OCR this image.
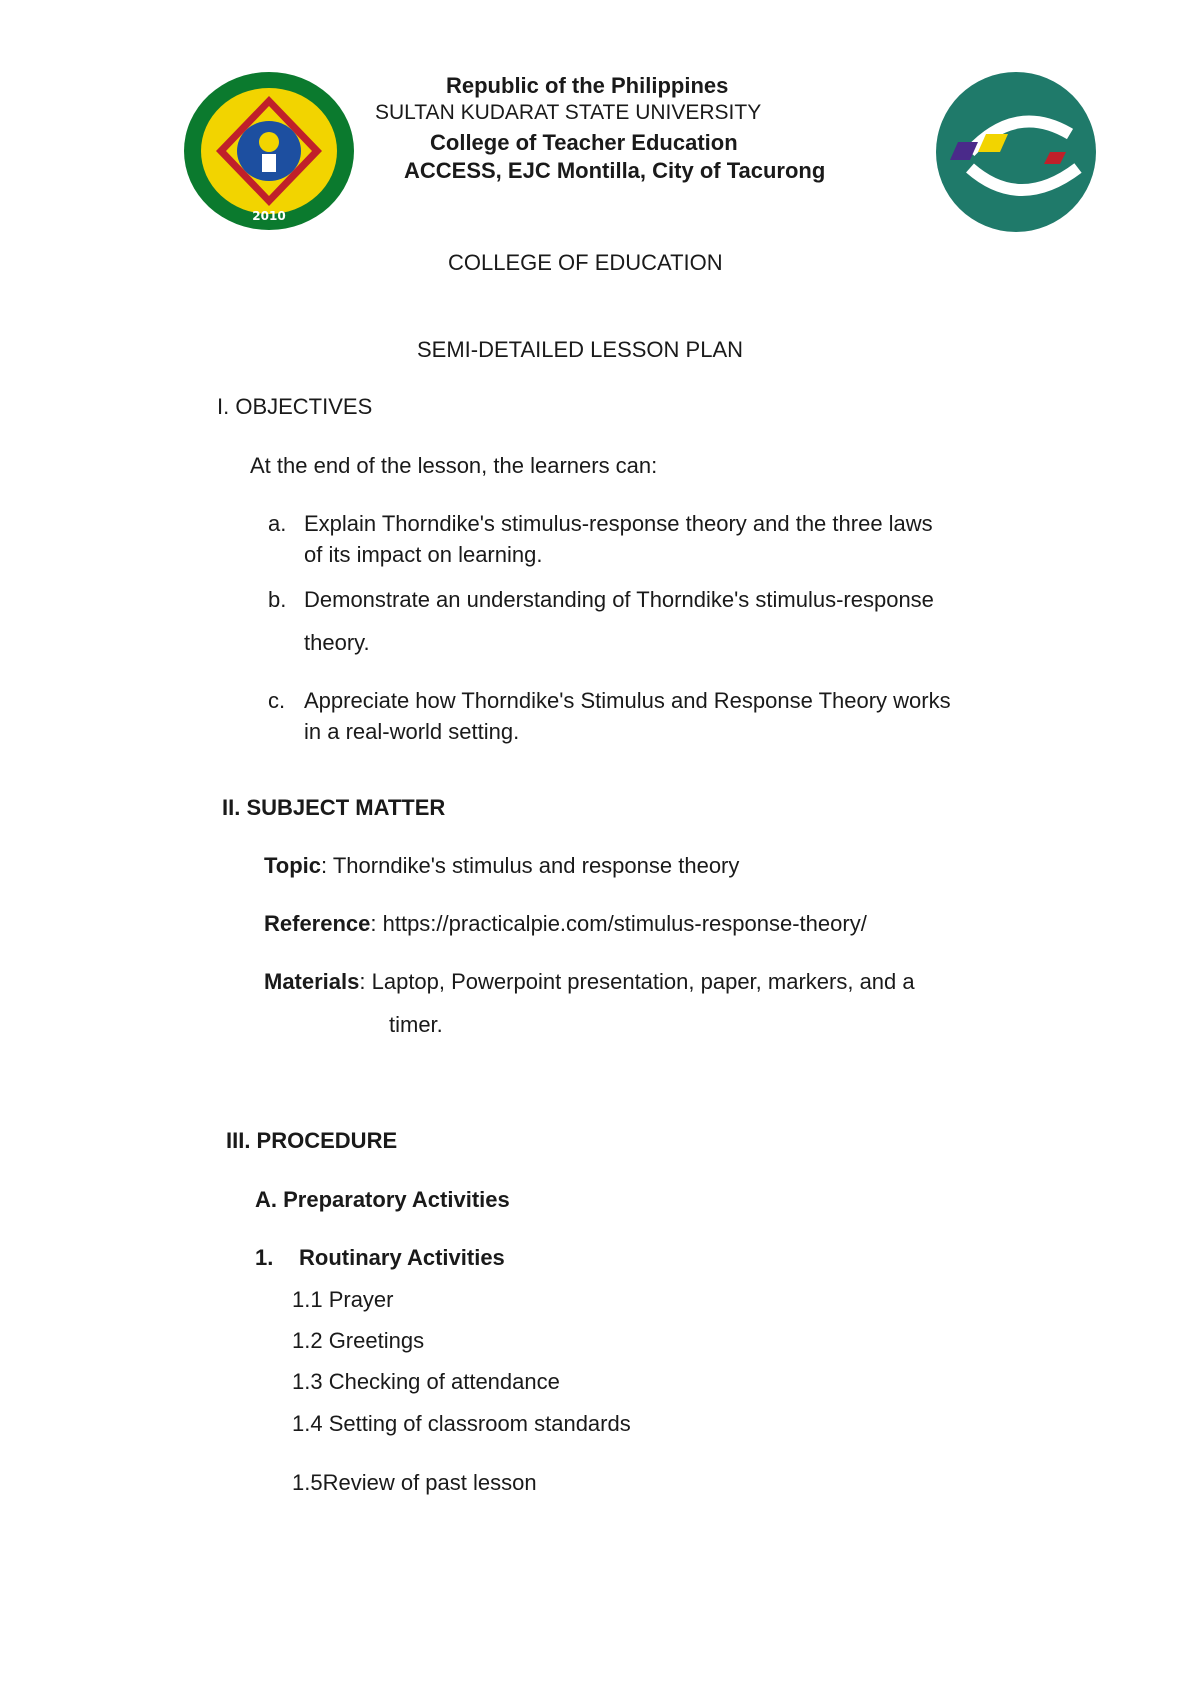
2010
Republic of the Philippines
SULTAN KUDARAT STATE UNIVERSITY
College of Teacher Education
ACCESS, EJC Montilla, City of Tacurong
COLLEGE OF EDUCATION
SEMI-DETAILED LESSON PLAN
I. OBJECTIVES
At the end of the lesson, the learners can:
a. Explain Thorndike's stimulus-response theory and the three laws
of its impact on learning.
b. Demonstrate an understanding of Thorndike's stimulus-response
theory.
c. Appreciate how Thorndike's Stimulus and Response Theory works
in a real-world setting.
II. SUBJECT MATTER
Topic: Thorndike's stimulus and response theory
Reference: https://practicalpie.com/stimulus-response-theory/
Materials: Laptop, Powerpoint presentation, paper, markers, and a
timer.
III. PROCEDURE
A. Preparatory Activities
1. Routinary Activities
1.1 Prayer
1.2 Greetings
1.3 Checking of attendance
1.4 Setting of classroom standards
1.5Review of past lesson
